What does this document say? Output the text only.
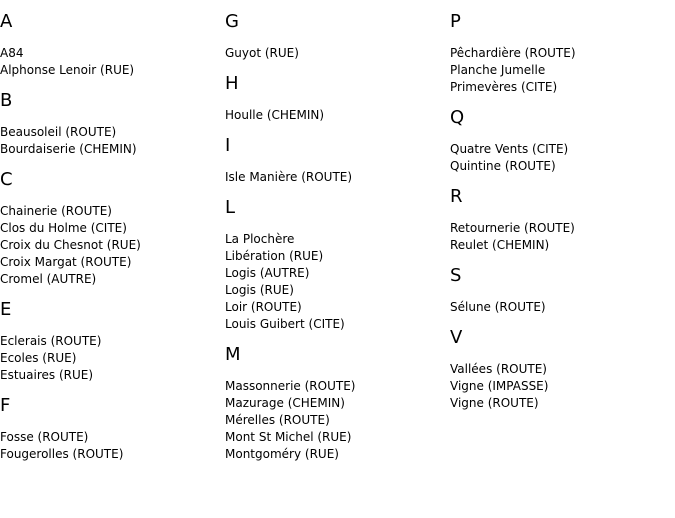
A
A84
Alphonse Lenoir (RUE)
B
Beausoleil (ROUTE)
Bourdaiserie (CHEMIN)
C
Chainerie (ROUTE)
Clos du Holme (CITE)
Croix du Chesnot (RUE)
Croix Margat (ROUTE)
Cromel (AUTRE)
E
Eclerais (ROUTE)
Ecoles (RUE)
Estuaires (RUE)
F
Fosse (ROUTE)
Fougerolles (ROUTE)
G
Guyot (RUE)
H
Houlle (CHEMIN)
I
Isle Manière (ROUTE)
L
La Plochère
Libération (RUE)
Logis (AUTRE)
Logis (RUE)
Loir (ROUTE)
Louis Guibert (CITE)
M
Massonnerie (ROUTE)
Mazurage (CHEMIN)
Mérelles (ROUTE)
Mont St Michel (RUE)
Montgoméry (RUE)
P
Pêchardière (ROUTE)
Planche Jumelle
Primevères (CITE)
Q
Quatre Vents (CITE)
Quintine (ROUTE)
R
Retournerie (ROUTE)
Reulet (CHEMIN)
S
Sélune (ROUTE)
V
Vallées (ROUTE)
Vigne (IMPASSE)
Vigne (ROUTE)
